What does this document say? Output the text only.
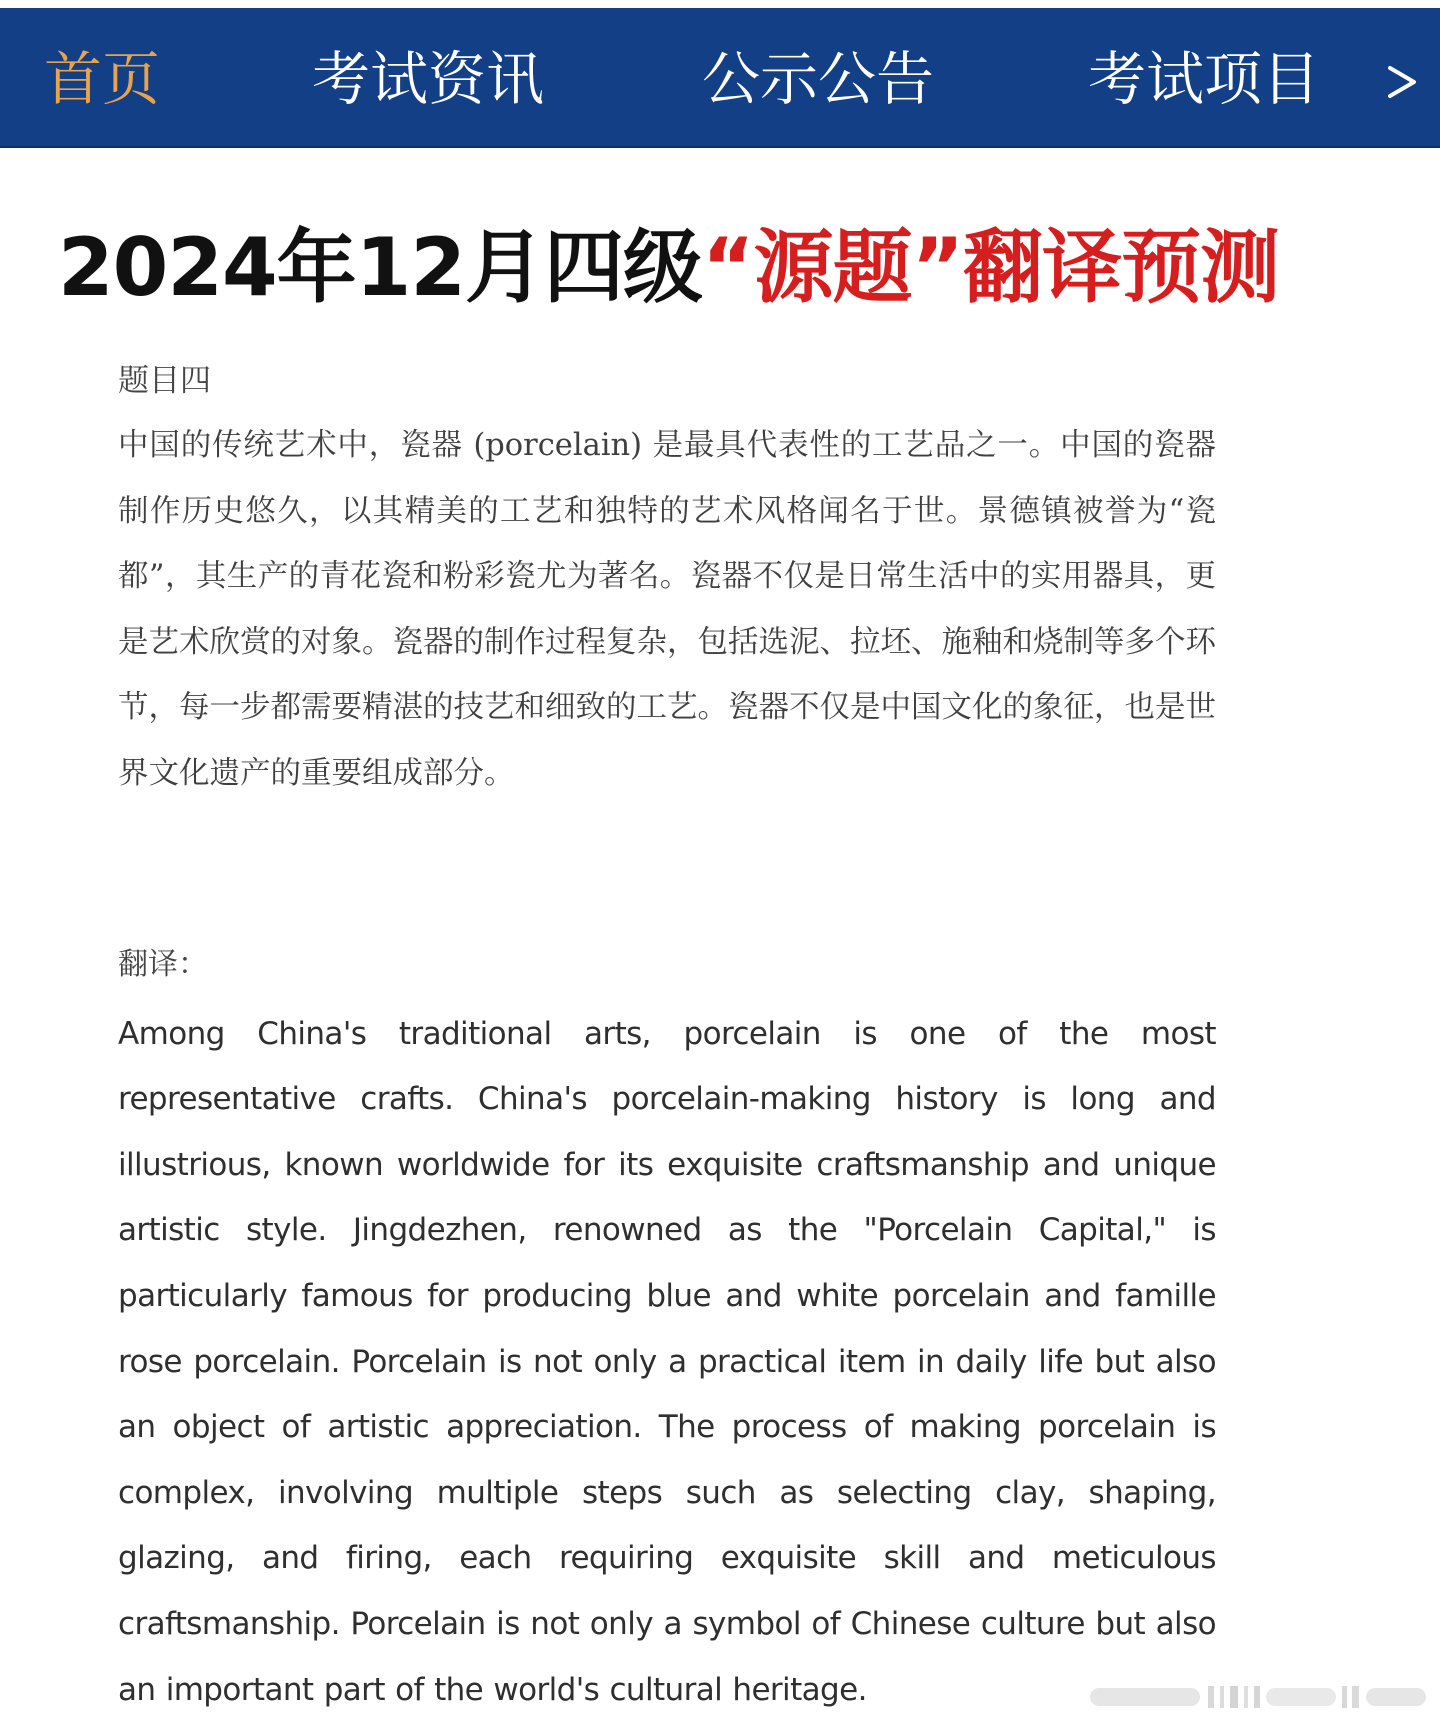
首页	考试资讯	公示公告	考试项目
2024年12月四级“源题”翻译预测
题目四
中国的传统艺术中，瓷器 (porcelain) 是最具代表性的工艺品之一。中国的瓷器制作历史悠久，以其精美的工艺和独特的艺术风格闻名于世。景德镇被誉为“瓷都”，其生产的青花瓷和粉彩瓷尤为著名。瓷器不仅是日常生活中的实用器具，更是艺术欣赏的对象。瓷器的制作过程复杂，包括选泥、拉坯、施釉和烧制等多个环节，每一步都需要精湛的技艺和细致的工艺。瓷器不仅是中国文化的象征，也是世界文化遗产的重要组成部分。
翻译：
Among China's traditional arts, porcelain is one of the most representative crafts. China's porcelain-making history is long and illustrious, known worldwide for its exquisite craftsmanship and unique artistic style. Jingdezhen, renowned as the "Porcelain Capital," is particularly famous for producing blue and white porcelain and famille rose porcelain. Porcelain is not only a practical item in daily life but also an object of artistic appreciation. The process of making porcelain is complex, involving multiple steps such as selecting clay, shaping, glazing, and firing, each requiring exquisite skill and meticulous craftsmanship. Porcelain is not only a symbol of Chinese culture but also an important part of the world's cultural heritage.
